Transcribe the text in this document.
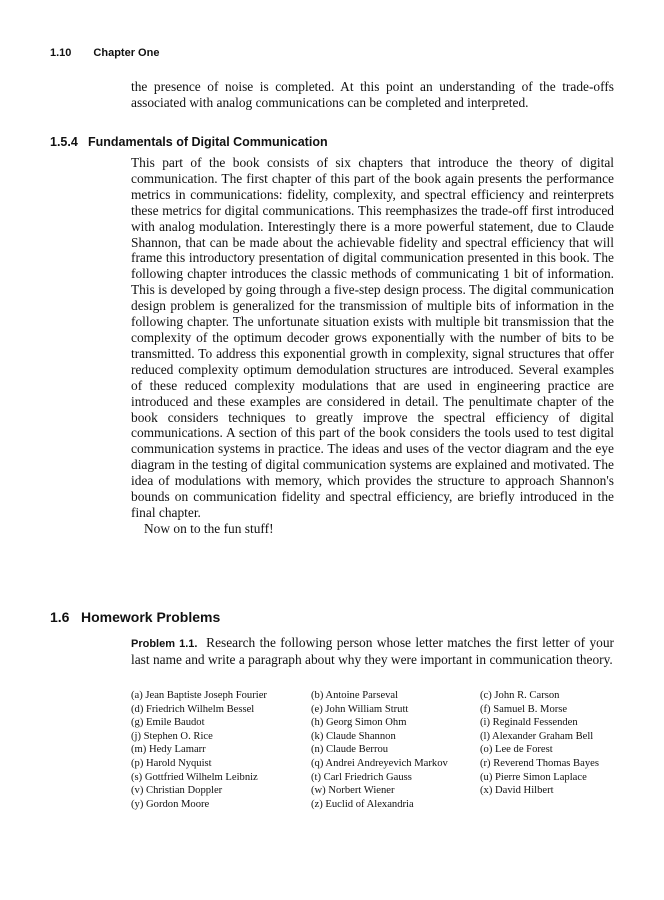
1.10 Chapter One

the presence of noise is completed. At this point an understanding of the trade-offs associated with analog communications can be completed and interpreted.

1.5.4 Fundamentals of Digital Communication

This part of the book consists of six chapters that introduce the theory of digital communication. The first chapter of this part of the book again presents the performance metrics in communications: fidelity, complexity, and spectral efficiency and reinterprets these metrics for digital communications. This reemphasizes the trade-off first introduced with analog modulation. Interestingly there is a more powerful statement, due to Claude Shannon, that can be made about the achievable fidelity and spectral efficiency that will frame this introductory presentation of digital communication presented in this book. The following chapter introduces the classic methods of communicating 1 bit of information. This is developed by going through a five-step design process. The digital communication design problem is generalized for the transmission of multiple bits of information in the following chapter. The unfortunate situation exists with multiple bit transmission that the complexity of the optimum decoder grows exponentially with the number of bits to be transmitted. To address this exponential growth in complexity, signal structures that offer reduced complexity optimum demodulation structures are introduced. Several examples of these reduced complexity modulations that are used in engineering practice are introduced and these examples are considered in detail. The penultimate chapter of the book considers techniques to greatly improve the spectral efficiency of digital communications. A section of this part of the book considers the tools used to test digital communication systems in practice. The ideas and uses of the vector diagram and the eye diagram in the testing of digital communication systems are explained and motivated. The idea of modulations with memory, which provides the structure to approach Shannon's bounds on communication fidelity and spectral efficiency, are briefly introduced in the final chapter.

Now on to the fun stuff!

1.6 Homework Problems

Problem 1.1. Research the following person whose letter matches the first letter of your last name and write a paragraph about why they were important in communication theory.

(a) Jean Baptiste Joseph Fourier	(b) Antoine Parseval	(c) John R. Carson
(d) Friedrich Wilhelm Bessel	(e) John William Strutt	(f) Samuel B. Morse
(g) Emile Baudot	(h) Georg Simon Ohm	(i) Reginald Fessenden
(j) Stephen O. Rice	(k) Claude Shannon	(l) Alexander Graham Bell
(m) Hedy Lamarr	(n) Claude Berrou	(o) Lee de Forest
(p) Harold Nyquist	(q) Andrei Andreyevich Markov	(r) Reverend Thomas Bayes
(s) Gottfried Wilhelm Leibniz	(t) Carl Friedrich Gauss	(u) Pierre Simon Laplace
(v) Christian Doppler	(w) Norbert Wiener	(x) David Hilbert
(y) Gordon Moore	(z) Euclid of Alexandria
